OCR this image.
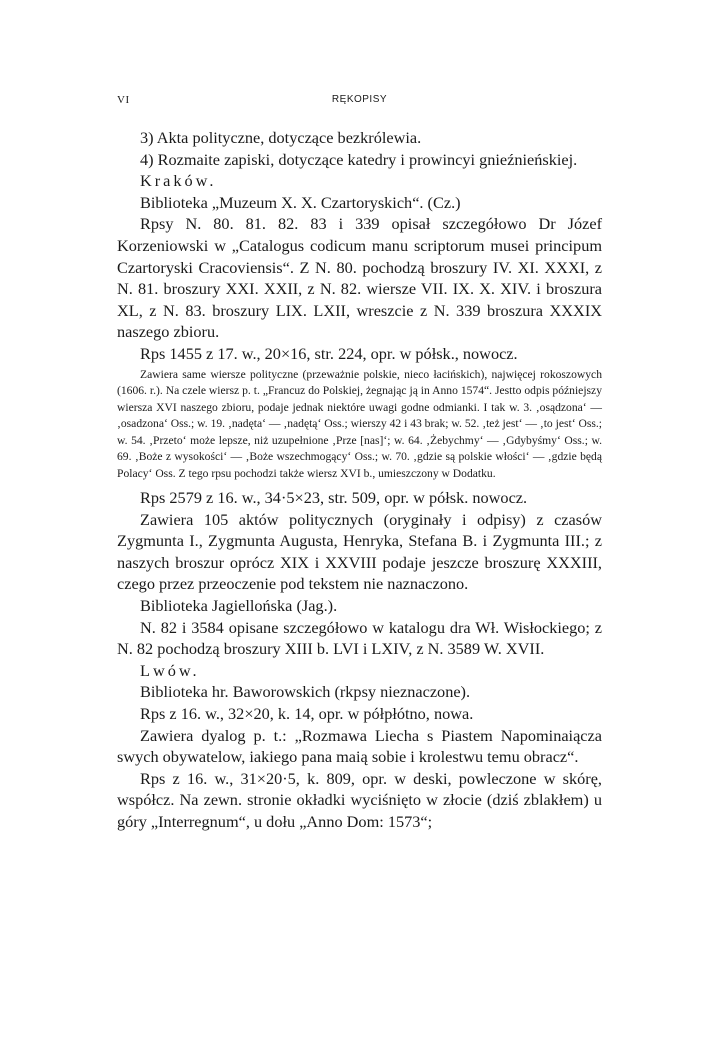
VI	RĘKOPISY

3) Akta polityczne, dotyczące bezkrólewia.

4) Rozmaite zapiski, dotyczące katedry i prowincyi gnieźnieńskiej.

Kraków.

Biblioteka „Muzeum X. X. Czartoryskich“. (Cz.)

Rpsy N. 80. 81. 82. 83 i 339 opisał szczegółowo Dr Józef Korzeniowski w „Catalogus codicum manu scriptorum musei principum Czartoryski Cracoviensis“. Z N. 80. pochodzą broszury IV. XI. XXXI, z N. 81. broszury XXI. XXII, z N. 82. wiersze VII. IX. X. XIV. i broszura XL, z N. 83. broszury LIX. LXII, wreszcie z N. 339 broszura XXXIX naszego zbioru.

Rps 1455 z 17. w., 20×16, str. 224, opr. w półsk., nowocz.

Zawiera same wiersze polityczne (przeważnie polskie, nieco łacińskich), najwięcej rokoszowych (1606. r.). Na czele wiersz p. t. „Francuz do Polskiej, żegnając ją in Anno 1574“. Jestto odpis późniejszy wiersza XVI naszego zbioru, podaje jednak niektóre uwagi godne odmianki. I tak w. 3. ‚osądzona‘ — ‚osadzona‘ Oss.; w. 19. ‚nadęta‘ — ‚nadętą‘ Oss.; wierszy 42 i 43 brak; w. 52. ‚też jest‘ — ‚to jest‘ Oss.; w. 54. ‚Przeto‘ może lepsze, niż uzupełnione ‚Prze [nas]‘; w. 64. ‚Żebychmy‘ — ‚Gdybyśmy‘ Oss.; w. 69. ‚Boże z wysokości‘ — ‚Boże wszechmogący‘ Oss.; w. 70. ‚gdzie są polskie włości‘ — ‚gdzie będą Polacy‘ Oss. Z tego rpsu pochodzi także wiersz XVI b., umieszczony w Dodatku.

Rps 2579 z 16. w., 34·5×23, str. 509, opr. w półsk. nowocz.

Zawiera 105 aktów politycznych (oryginały i odpisy) z czasów Zygmunta I., Zygmunta Augusta, Henryka, Stefana B. i Zygmunta III.; z naszych broszur oprócz XIX i XXVIII podaje jeszcze broszurę XXXIII, czego przez przeoczenie pod tekstem nie naznaczono.

Biblioteka Jagiellońska (Jag.).

N. 82 i 3584 opisane szczegółowo w katalogu dra Wł. Wisłockiego; z N. 82 pochodzą broszury XIII b. LVI i LXIV, z N. 3589 W. XVII.

Lwów.

Biblioteka hr. Baworowskich (rkpsy nieznaczone).

Rps z 16. w., 32×20, k. 14, opr. w półpłótno, nowa.

Zawiera dyalog p. t.: „Rozmawa Liecha s Piastem Napominaiącza swych obywatelow, iakiego pana maią sobie i krolestwu temu obracz“.

Rps z 16. w., 31×20·5, k. 809, opr. w deski, powleczone w skórę, współcz. Na zewn. stronie okładki wyciśnięto w złocie (dziś zblakłem) u góry „Interregnum“, u dołu „Anno Dom: 1573“;
